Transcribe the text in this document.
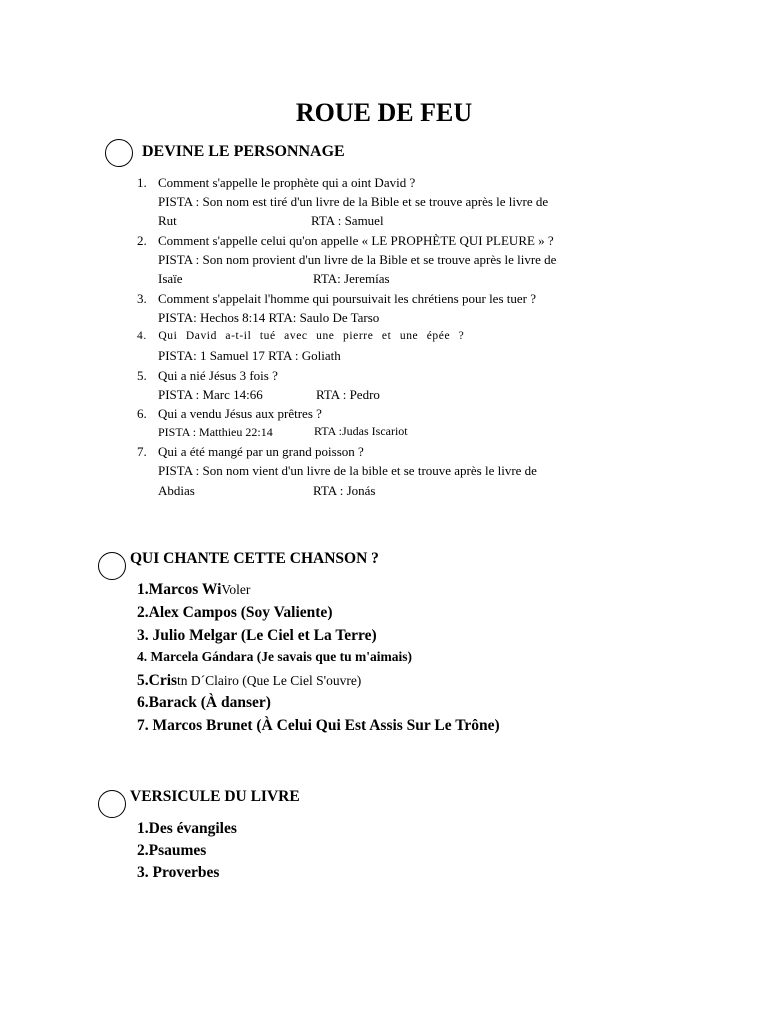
ROUE DE FEU
DEVINE LE PERSONNAGE
1. Comment s'appelle le prophète qui a oint David ?
PISTA : Son nom est tiré d'un livre de la Bible et se trouve après le livre de
Rut	RTA : Samuel
2. Comment s'appelle celui qu'on appelle « LE PROPHÈTE QUI PLEURE » ?
PISTA : Son nom provient d'un livre de la Bible et se trouve après le livre de
Isaïe	RTA: Jeremías
3. Comment s'appelait l'homme qui poursuivait les chrétiens pour les tuer ?
PISTA: Hechos 8:14 RTA: Saulo De Tarso
4. Qui David a-t-il tué avec une pierre et une épée ?
PISTA: 1 Samuel 17 RTA : Goliath
5. Qui a nié Jésus 3 fois ?
PISTA : Marc 14:66	RTA : Pedro
6. Qui a vendu Jésus aux prêtres ?
PISTA : Matthieu 22:14	RTA :Judas Iscariot
7. Qui a été mangé par un grand poisson ?
PISTA : Son nom vient d'un livre de la bible et se trouve après le livre de
Abdias	RTA : Jonás
QUI CHANTE CETTE CHANSON ?
1.Marcos WiVoler
2.Alex Campos (Soy Valiente)
3. Julio Melgar (Le Ciel et La Terre)
4. Marcela Gándara (Je savais que tu m'aimais)
5.Cristn D´Clairo (Que Le Ciel S'ouvre)
6.Barack (À danser)
7. Marcos Brunet (À Celui Qui Est Assis Sur Le Trône)
VERSICULE DU LIVRE
1.Des évangiles
2.Psaumes
3. Proverbes
